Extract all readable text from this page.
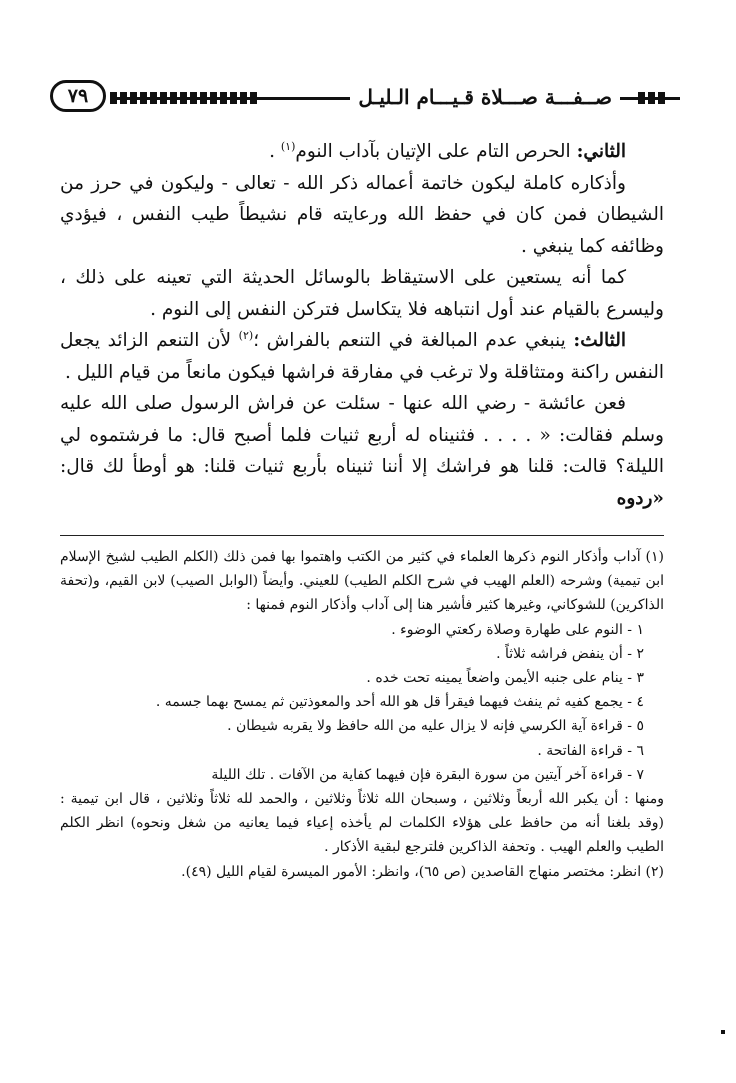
صــفـــة صـــلاة قـيـــام الـليـل
٧٩

الثاني: الحرص التام على الإتيان بآداب النوم$^{(١)}$ .

وأذكاره كاملة ليكون خاتمة أعماله ذكر الله - تعالى - وليكون في حرز من الشيطان فمن كان في حفظ الله ورعايته قام نشيطاً طيب النفس ، فيؤدي وظائفه كما ينبغي .

كما أنه يستعين على الاستيقاظ بالوسائل الحديثة التي تعينه على ذلك ، وليسرع بالقيام عند أول انتباهه فلا يتكاسل فتركن النفس إلى النوم .

الثالث: ينبغي عدم المبالغة في التنعم بالفراش ؛$^{(٢)}$ لأن التنعم الزائد يجعل النفس راكنة ومتثاقلة ولا ترغب في مفارقة فراشها فيكون مانعاً من قيام الليل .

فعن عائشة - رضي الله عنها - سئلت عن فراش الرسول صلى الله عليه وسلم فقالت: « . . . . فثنيناه له أربع ثنيات فلما أصبح قال: ما فرشتموه لي الليلة؟ قالت: قلنا هو فراشك إلا أننا ثنيناه بأربع ثنيات قلنا: هو أوطأ لك قال: «ردوه

(١) آداب وأذكار النوم ذكرها العلماء في كثير من الكتب واهتموا بها فمن ذلك (الكلم الطيب لشيخ الإسلام ابن تيمية) وشرحه (العلم الهيب في شرح الكلم الطيب) للعيني. وأيضاً (الوابل الصيب) لابن القيم، و(تحفة الذاكرين) للشوكاني، وغيرها كثير فأشير هنا إلى آداب وأذكار النوم فمنها :

١ - النوم على طهارة وصلاة ركعتي الوضوء .
٢ - أن ينفض فراشه ثلاثاً .
٣ - ينام على جنبه الأيمن واضعاً يمينه تحت خده .
٤ - يجمع كفيه ثم ينفث فيهما فيقرأ قل هو الله أحد والمعوذتين ثم يمسح بهما جسمه .
٥ - قراءة آية الكرسي فإنه لا يزال عليه من الله حافظ ولا يقربه شيطان .
٦ - قراءة الفاتحة .
٧ - قراءة آخر آيتين من سورة البقرة فإن فيهما كفاية من الآفات . تلك الليلة

ومنها : أن يكبر الله أربعاً وثلاثين ، وسبحان الله ثلاثاً وثلاثين ، والحمد لله ثلاثاً وثلاثين ، قال ابن تيمية : (وقد بلغنا أنه من حافظ على هؤلاء الكلمات لم يأخذه إعياء فيما يعانيه من شغل ونحوه) انظر الكلم الطيب والعلم الهيب . وتحفة الذاكرين فلترجع لبقية الأذكار .

(٢) انظر: مختصر منهاج القاصدين (ص ٦٥)، وانظر: الأمور الميسرة لقيام الليل (٤٩).
